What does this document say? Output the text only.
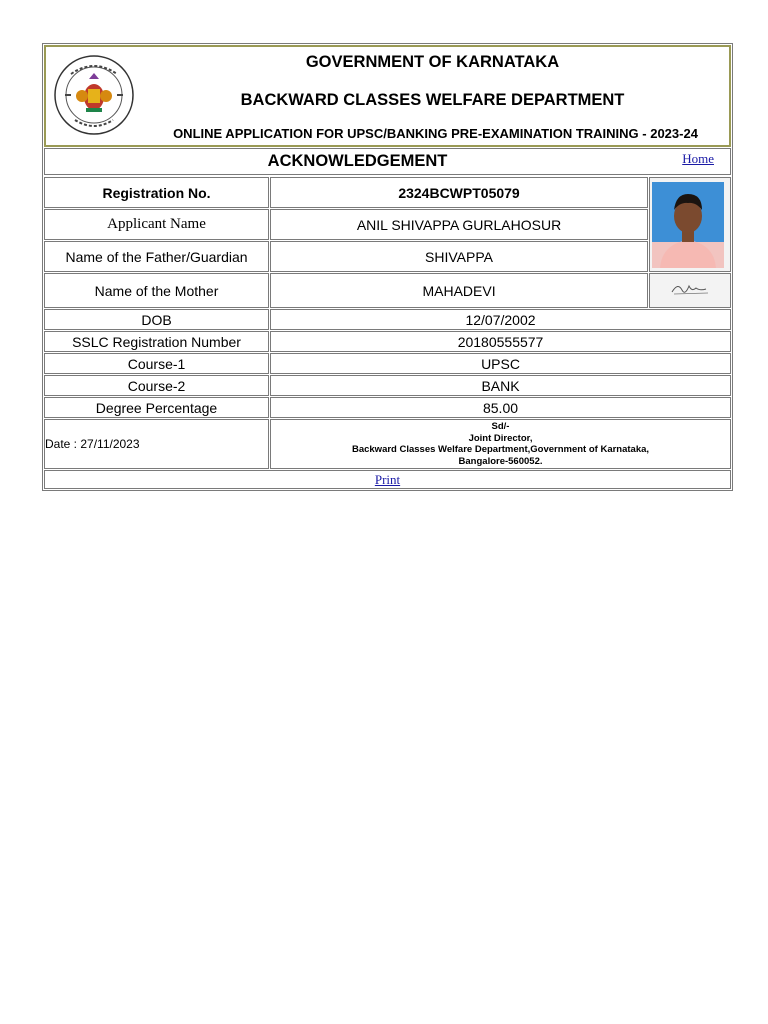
GOVERNMENT OF KARNATAKA
BACKWARD CLASSES WELFARE DEPARTMENT
ONLINE APPLICATION FOR UPSC/BANKING PRE-EXAMINATION TRAINING - 2023-24
ACKNOWLEDGEMENT	Home
Registration No.	2324BCWPT05079	

Applicant Name	ANIL SHIVAPPA GURLAHOSUR	
Name of the Father/Guardian	SHIVAPPA	
Name of the Mother	MAHADEVI	
DOB	12/07/2002	
SSLC Registration Number	20180555577	
Course-1	UPSC	
Course-2	BANK	
Degree Percentage	85.00	
Date : 27/11/2023	Sd/-
Joint Director,
Backward Classes Welfare Department,Government of Karnataka,
Bangalore-560052.	

Print		
